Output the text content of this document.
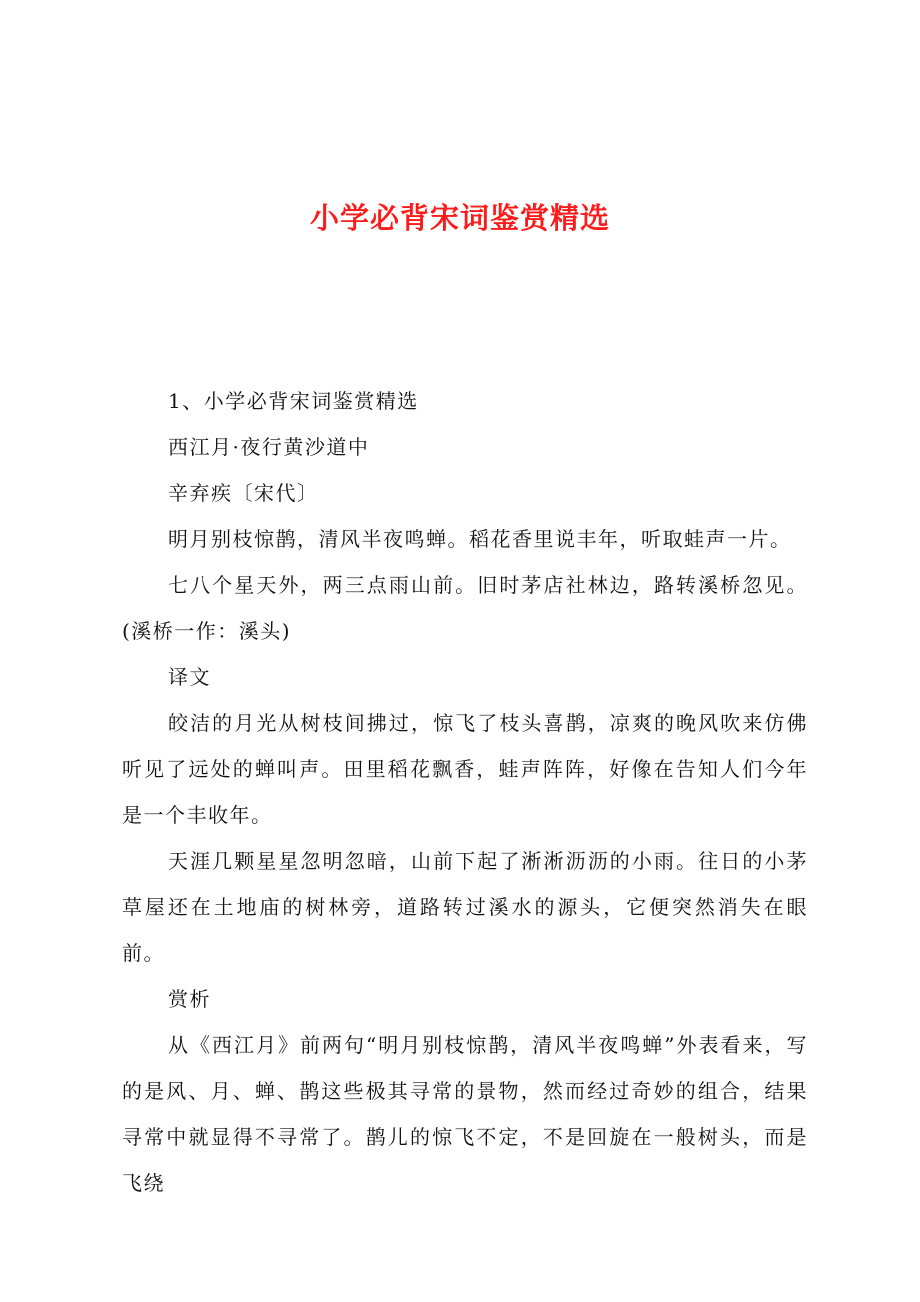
小学必背宋词鉴赏精选

1、小学必背宋词鉴赏精选

西江月·夜行黄沙道中

辛弃疾〔宋代〕

明月别枝惊鹊，清风半夜鸣蝉。稻花香里说丰年，听取蛙声一片。

七八个星天外，两三点雨山前。旧时茅店社林边，路转溪桥忽见。(溪桥一作：溪头)

译文

皎洁的月光从树枝间拂过，惊飞了枝头喜鹊，凉爽的晚风吹来仿佛听见了远处的蝉叫声。田里稻花飘香，蛙声阵阵，好像在告知人们今年是一个丰收年。

天涯几颗星星忽明忽暗，山前下起了淅淅沥沥的小雨。往日的小茅草屋还在土地庙的树林旁，道路转过溪水的源头，它便突然消失在眼前。

赏析

从《西江月》前两句“明月别枝惊鹊，清风半夜鸣蝉”外表看来，写的是风、月、蝉、鹊这些极其寻常的景物，然而经过奇妙的组合，结果寻常中就显得不寻常了。鹊儿的惊飞不定，不是回旋在一般树头，而是飞绕
